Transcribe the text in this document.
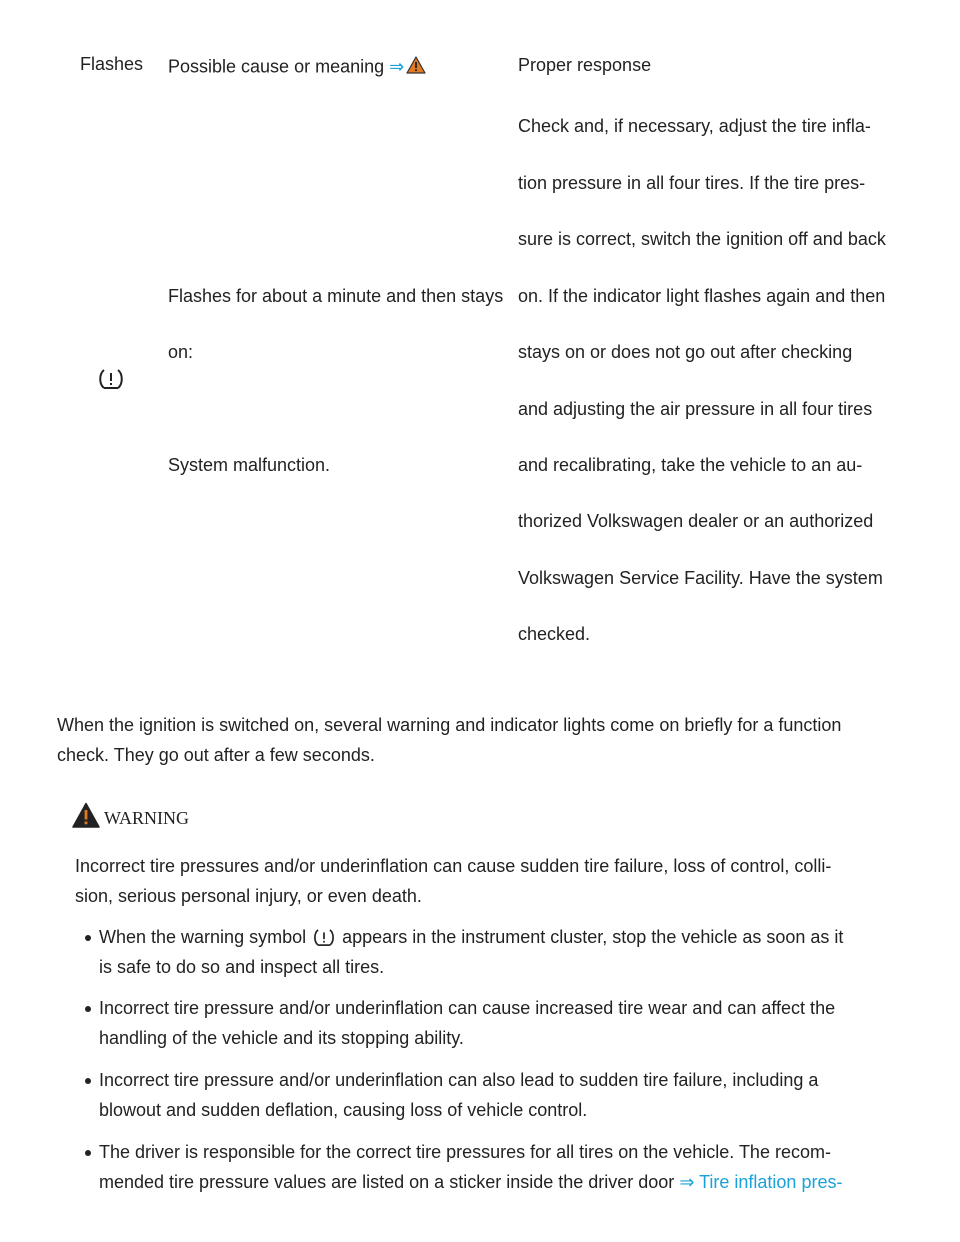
Flashes Possible cause or meaning ⇒	Proper response
Flashes for about a minute and then stays
on:
System malfunction.
Check and, if necessary, adjust the tire infla-
tion pressure in all four tires. If the tire pres-
sure is correct, switch the ignition off and back
on. If the indicator light flashes again and then
stays on or does not go out after checking
and adjusting the air pressure in all four tires
and recalibrating, take the vehicle to an au-
thorized Volkswagen dealer or an authorized
Volkswagen Service Facility. Have the system
checked.
When the ignition is switched on, several warning and indicator lights come on briefly for a function
check. They go out after a few seconds.
WARNING
Incorrect tire pressures and/or underinflation can cause sudden tire failure, loss of control, colli-
sion, serious personal injury, or even death.
When the warning symbol appears in the instrument cluster, stop the vehicle as soon as it
is safe to do so and inspect all tires.
Incorrect tire pressure and/or underinflation can cause increased tire wear and can affect the
handling of the vehicle and its stopping ability.
Incorrect tire pressure and/or underinflation can also lead to sudden tire failure, including a
blowout and sudden deflation, causing loss of vehicle control.
The driver is responsible for the correct tire pressures for all tires on the vehicle. The recom-
mended tire pressure values are listed on a sticker inside the driver door ⇒ Tire inflation pres-
